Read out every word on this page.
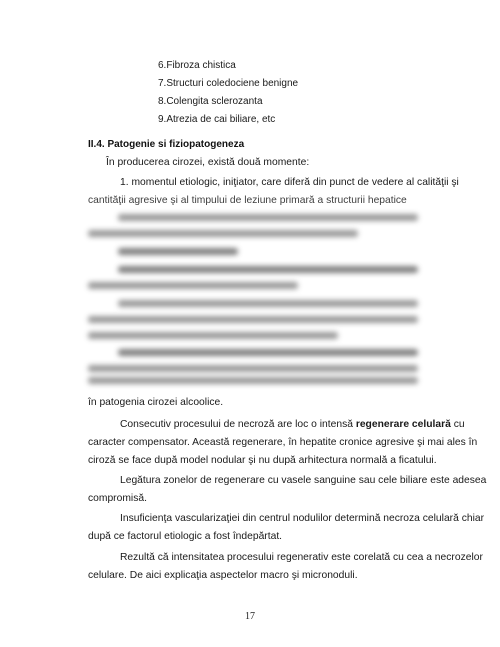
6.Fibroza chistica
7.Structuri coledociene benigne
8.Colengita sclerozanta
9.Atrezia de cai biliare, etc
II.4. Patogenie si fiziopatogeneza
În producerea cirozei, există două momente:
1. momentul etiologic, iniţiator, care diferă din punct de vedere al calităţii şi
cantităţii agresive şi al timpului de leziune primară a structurii hepatice
în patogenia cirozei alcoolice.
Consecutiv procesului de necroză are loc o intensă regenerare celulară cu
caracter compensator. Această regenerare, în hepatite cronice agresive şi mai ales în
ciroză se face după model nodular şi nu după arhitectura normală a ficatului.
Legătura zonelor de regenerare cu vasele sanguine sau cele biliare este adesea
compromisă.
Insuficienţa vascularizaţiei din centrul nodulilor determină necroza celulară chiar
după ce factorul etiologic a fost îndepărtat.
Rezultă că intensitatea procesului regenerativ este corelată cu cea a necrozelor
celulare. De aici explicaţia aspectelor macro şi micronoduli.
17
